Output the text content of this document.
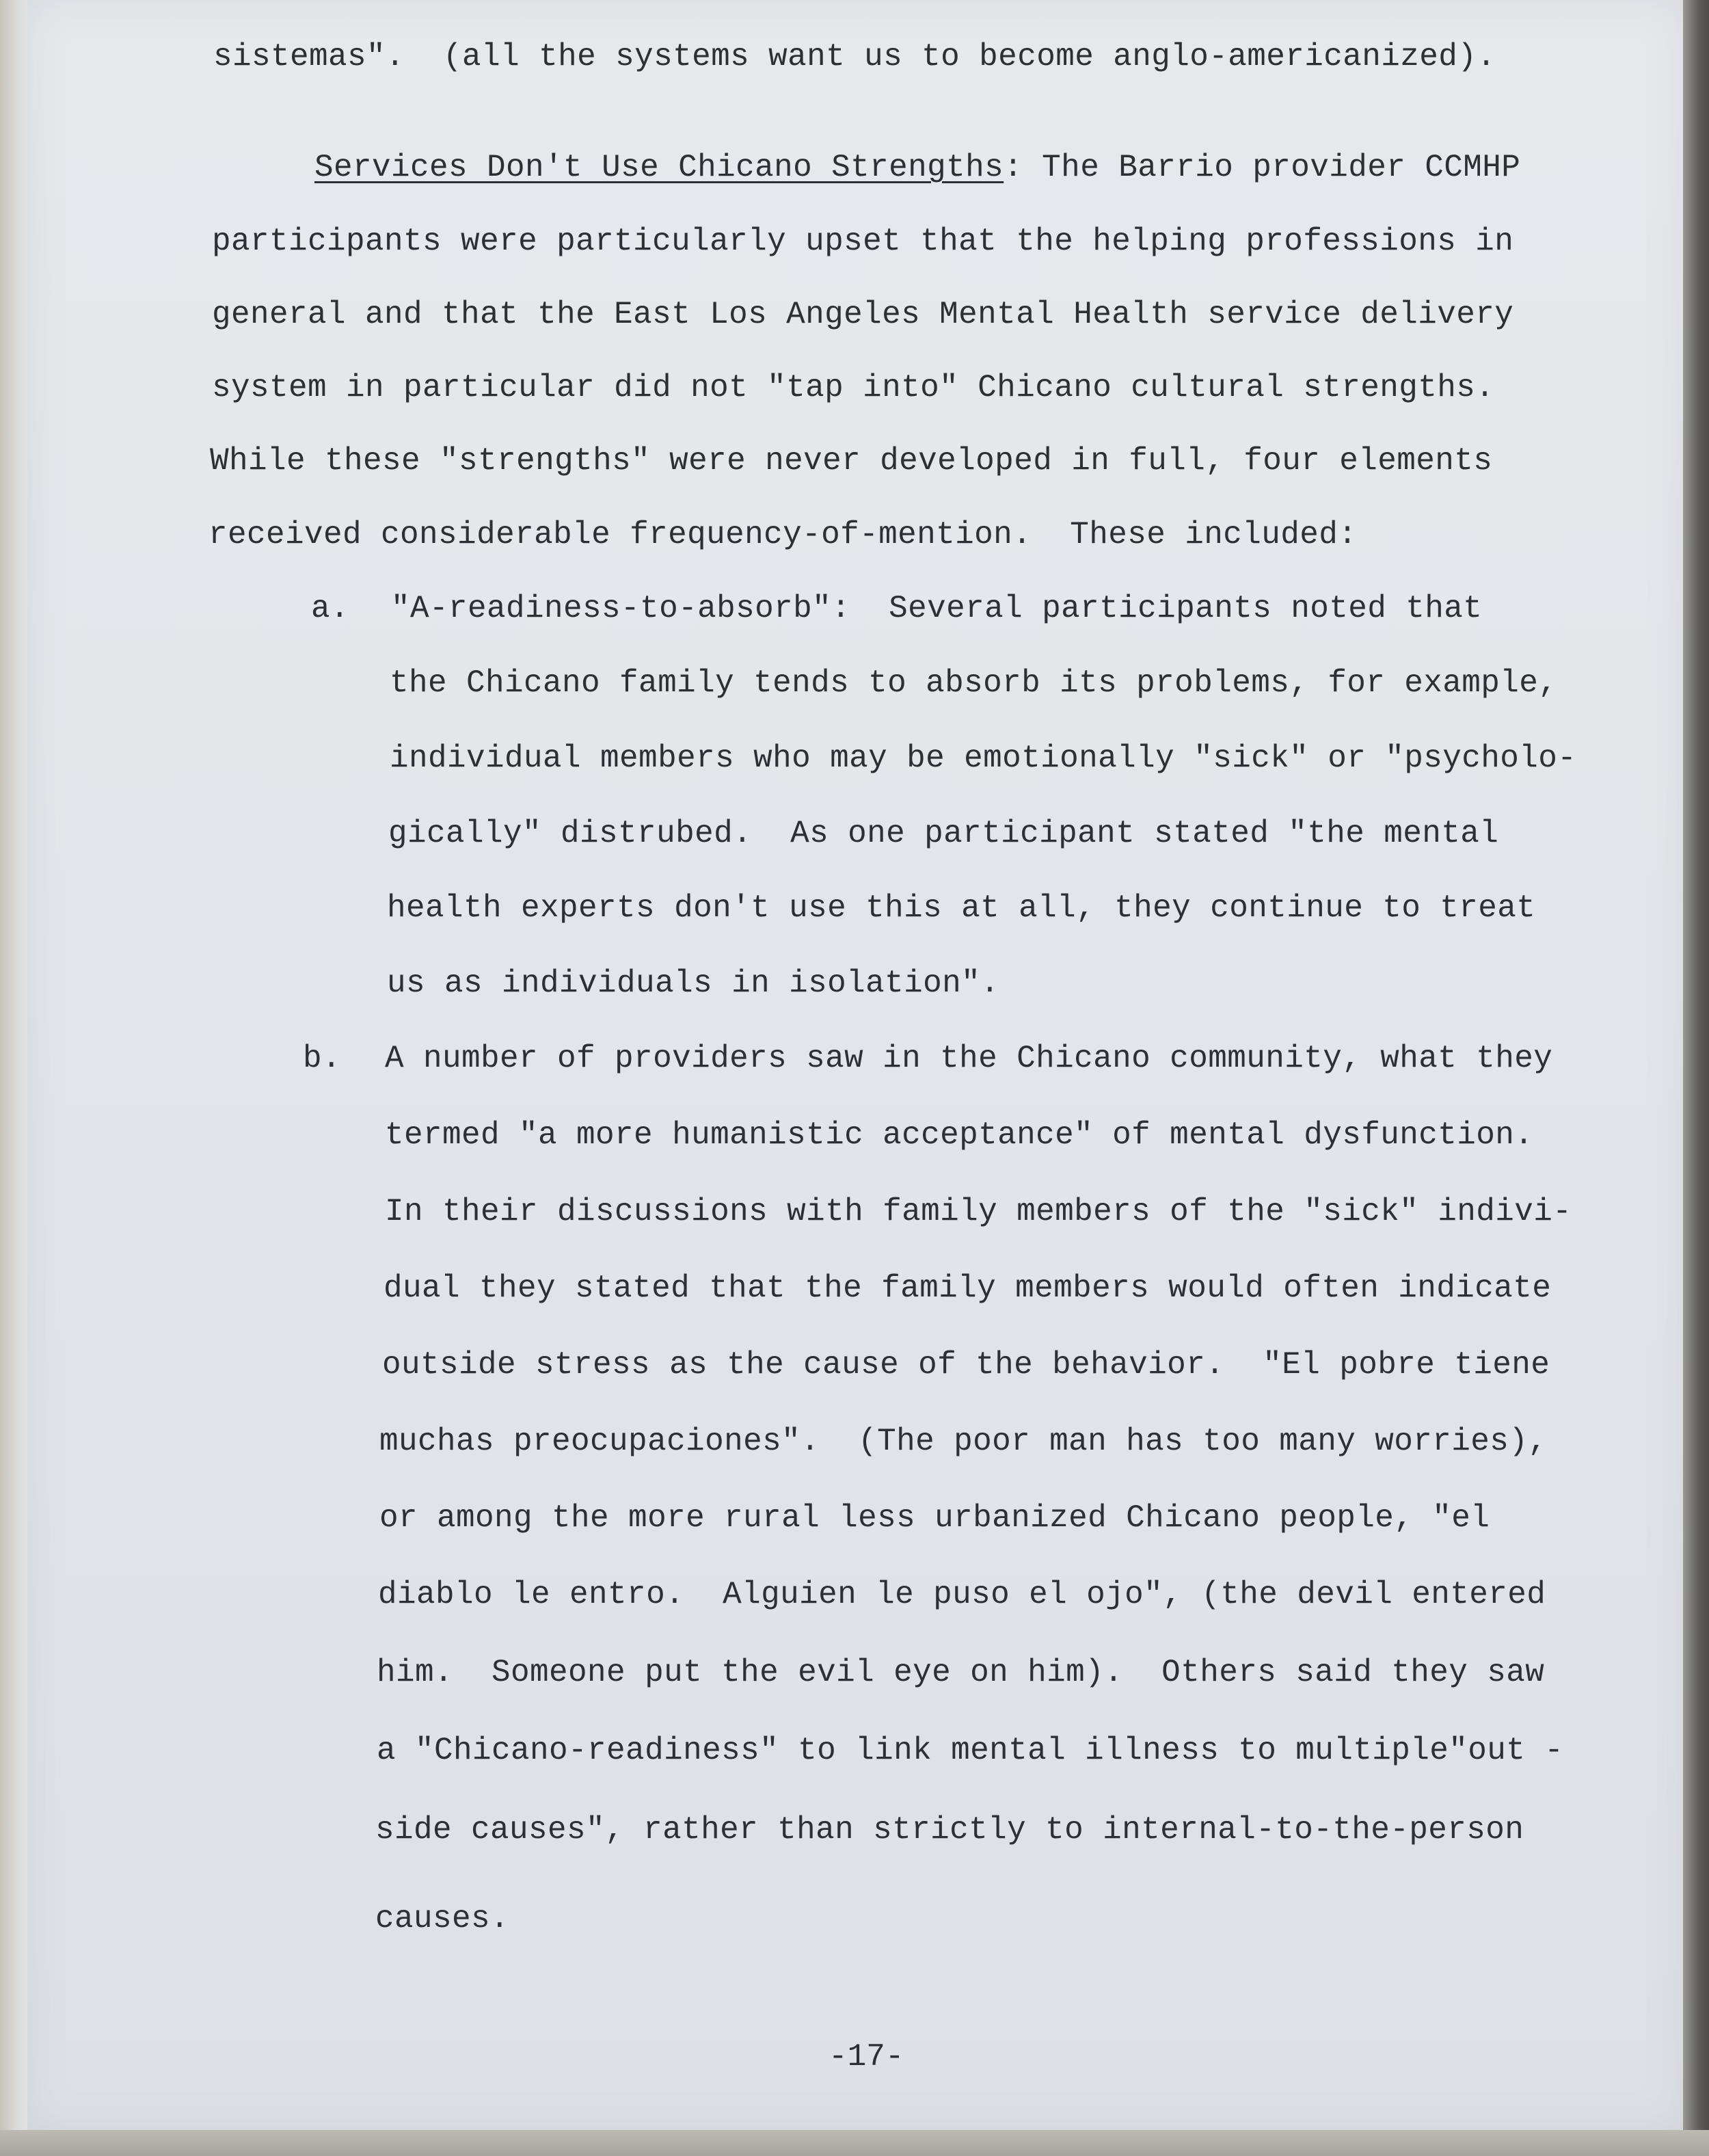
sistemas".  (all the systems want us to become anglo-americanized).
Services Don't Use Chicano Strengths: The Barrio provider CCMHP
participants were particularly upset that the helping professions in
general and that the East Los Angeles Mental Health service delivery
system in particular did not "tap into" Chicano cultural strengths.
While these "strengths" were never developed in full, four elements
received considerable frequency-of-mention.  These included:
a. "A-readiness-to-absorb":  Several participants noted that
the Chicano family tends to absorb its problems, for example,
individual members who may be emotionally "sick" or "psycholo-
gically" distrubed.  As one participant stated "the mental
health experts don't use this at all, they continue to treat
us as individuals in isolation".
b. A number of providers saw in the Chicano community, what they
termed "a more humanistic acceptance" of mental dysfunction.
In their discussions with family members of the "sick" indivi-
dual they stated that the family members would often indicate
outside stress as the cause of the behavior.  "El pobre tiene
muchas preocupaciones".  (The poor man has too many worries),
or among the more rural less urbanized Chicano people, "el
diablo le entro.  Alguien le puso el ojo", (the devil entered
him.  Someone put the evil eye on him).  Others said they saw
a "Chicano-readiness" to link mental illness to multiple"out -
side causes", rather than strictly to internal-to-the-person
causes.
-17-
